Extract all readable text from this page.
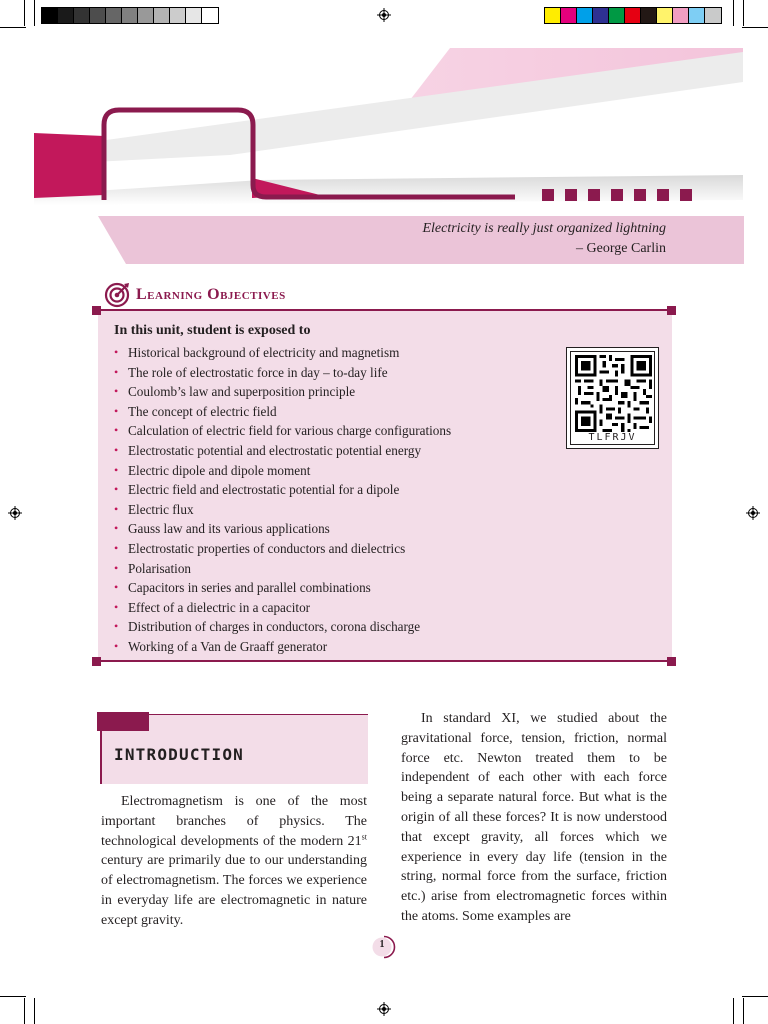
Electricity is really just organized lightning
– George Carlin
Learning Objectives
In this unit, student is exposed to
• Historical background of electricity and magnetism
• The role of electrostatic force in day – to-day life
• Coulomb’s law and superposition principle
• The concept of electric field
• Calculation of electric field for various charge configurations
• Electrostatic potential and electrostatic potential energy
• Electric dipole and dipole moment
• Electric field and electrostatic potential for a dipole
• Electric flux
• Gauss law and its various applications
• Electrostatic properties of conductors and dielectrics
• Polarisation
• Capacitors in series and parallel combinations
• Effect of a dielectric in a capacitor
• Distribution of charges in conductors, corona discharge
• Working of a Van de Graaff generator
TLFRJV
INTRODUCTION

Electromagnetism is one of the most important branches of physics. The technological developments of the modern 21st century are primarily due to our understanding of electromagnetism. The forces we experience in everyday life are electromagnetic in nature except gravity.

In standard XI, we studied about the gravitational force, tension, friction, normal force etc. Newton treated them to be independent of each other with each force being a separate natural force. But what is the origin of all these forces? It is now understood that except gravity, all forces which we experience in every day life (tension in the string, normal force from the surface, friction etc.) arise from electromagnetic forces within the atoms. Some examples are

1
